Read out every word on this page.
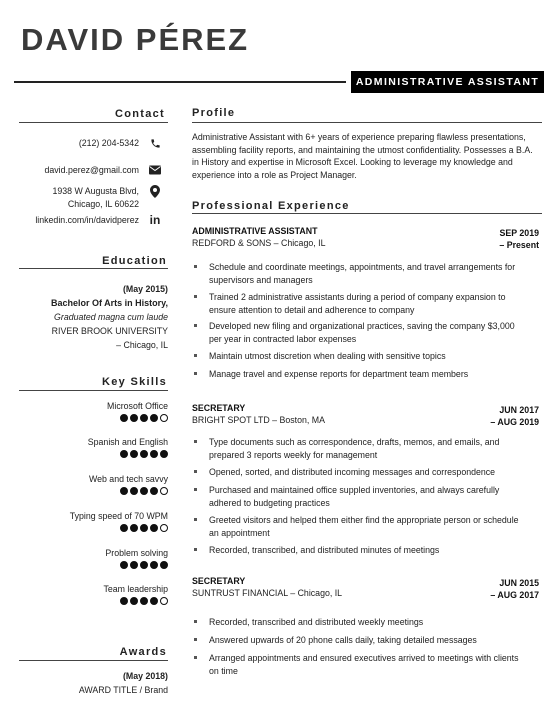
DAVID PÉREZ
ADMINISTRATIVE ASSISTANT
Contact
(212) 204-5342
david.perez@gmail.com
1938 W Augusta Blvd,
Chicago, IL 60622
linkedin.com/in/davidperez in
Education
(May 2015)
Bachelor Of Arts in History,
Graduated magna cum laude
RIVER BROOK UNIVERSITY
– Chicago, IL
Key Skills
Microsoft Office
Spanish and English
Web and tech savvy
Typing speed of 70 WPM
Problem solving
Team leadership
Awards
(May 2018)
AWARD TITLE / Brand
Profile
Administrative Assistant with 6+ years of experience preparing flawless presentations, assembling facility reports, and maintaining the utmost confidentiality. Possesses a B.A. in History and expertise in Microsoft Excel. Looking to leverage my knowledge and experience into a role as Project Manager.
Professional Experience
ADMINISTRATIVE ASSISTANT
REDFORD & SONS – Chicago, IL
SEP 2019
– Present
Schedule and coordinate meetings, appointments, and travel arrangements for supervisors and managers
Trained 2 administrative assistants during a period of company expansion to ensure attention to detail and adherence to company
Developed new filing and organizational practices, saving the company $3,000 per year in contracted labor expenses
Maintain utmost discretion when dealing with sensitive topics
Manage travel and expense reports for department team members
SECRETARY
BRIGHT SPOT LTD – Boston, MA
JUN 2017
– AUG 2019
Type documents such as correspondence, drafts, memos, and emails, and prepared 3 reports weekly for management
Opened, sorted, and distributed incoming messages and correspondence
Purchased and maintained office suppled inventories, and always carefully adhered to budgeting practices
Greeted visitors and helped them either find the appropriate person or schedule an appointment
Recorded, transcribed, and distributed minutes of meetings
SECRETARY
SUNTRUST FINANCIAL – Chicago, IL
JUN 2015
– AUG 2017
Recorded, transcribed and distributed weekly meetings
Answered upwards of 20 phone calls daily, taking detailed messages
Arranged appointments and ensured executives arrived to meetings with clients on time
